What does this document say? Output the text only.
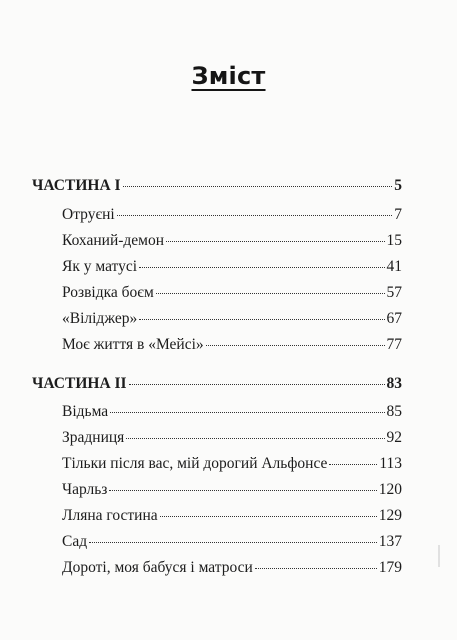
Зміст
ЧАСТИНА I	5
Отруєні	7
Коханий-демон	15
Як у матусі	41
Розвідка боєм	57
«Віліджер»	67
Моє життя в «Мейсі»	77
ЧАСТИНА II	83
Відьма	85
Зрадниця	92
Тільки після вас, мій дорогий Альфонсе	113
Чарльз	120
Лляна гостина	129
Сад	137
Дороті, моя бабуся і матроси	179
